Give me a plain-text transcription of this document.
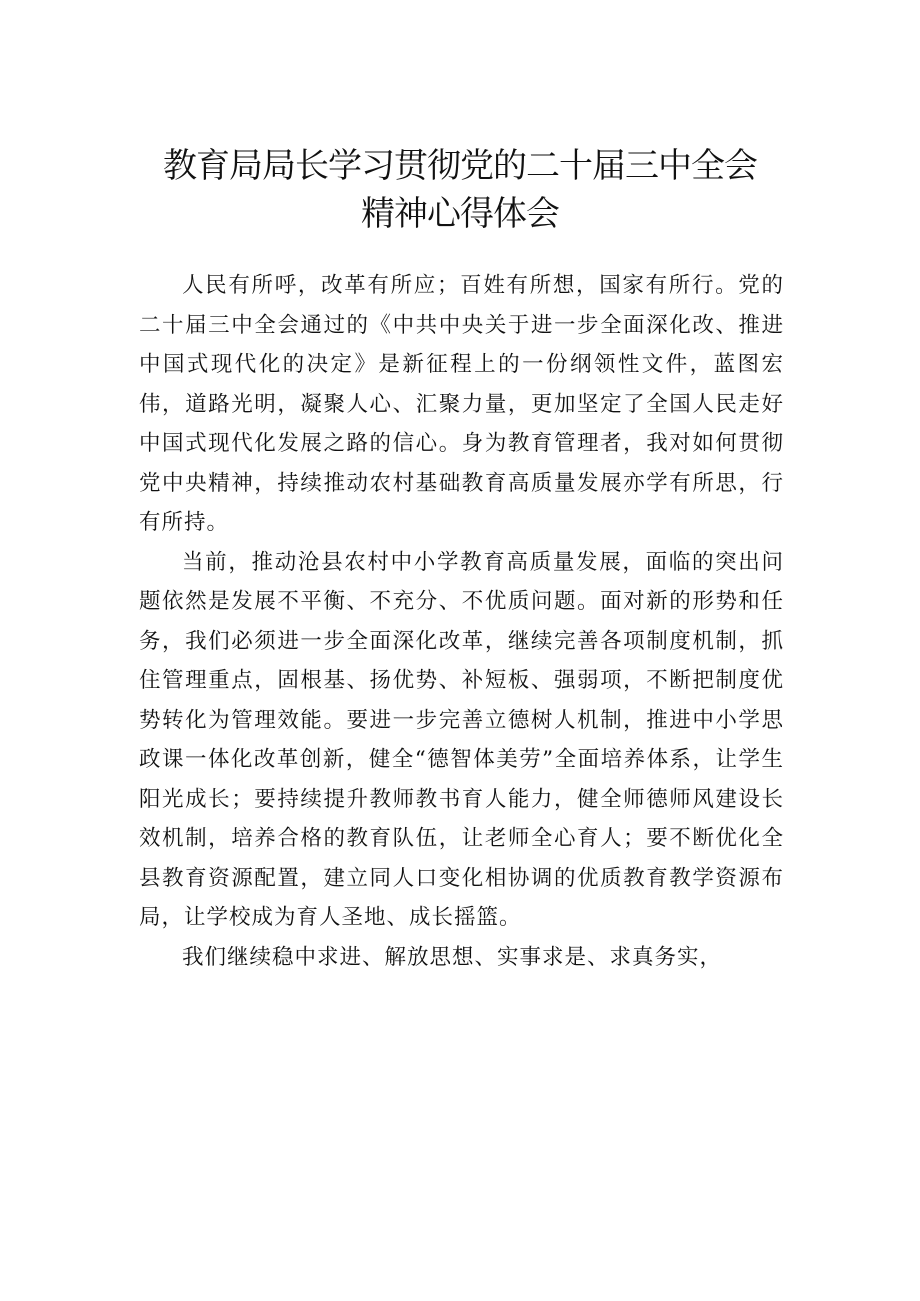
教育局局长学习贯彻党的二十届三中全会
精神心得体会

人民有所呼，改革有所应；百姓有所想，国家有所行。党的二十届三中全会通过的《中共中央关于进一步全面深化改、推进中国式现代化的决定》是新征程上的一份纲领性文件，蓝图宏伟，道路光明，凝聚人心、汇聚力量，更加坚定了全国人民走好中国式现代化发展之路的信心。身为教育管理者，我对如何贯彻党中央精神，持续推动农村基础教育高质量发展亦学有所思，行有所持。

当前，推动沧县农村中小学教育高质量发展，面临的突出问题依然是发展不平衡、不充分、不优质问题。面对新的形势和任务，我们必须进一步全面深化改革，继续完善各项制度机制，抓住管理重点，固根基、扬优势、补短板、强弱项，不断把制度优势转化为管理效能。要进一步完善立德树人机制，推进中小学思政课一体化改革创新，健全“德智体美劳”全面培养体系，让学生阳光成长；要持续提升教师教书育人能力，健全师德师风建设长效机制，培养合格的教育队伍，让老师全心育人；要不断优化全县教育资源配置，建立同人口变化相协调的优质教育教学资源布局，让学校成为育人圣地、成长摇篮。

我们继续稳中求进、解放思想、实事求是、求真务实，
